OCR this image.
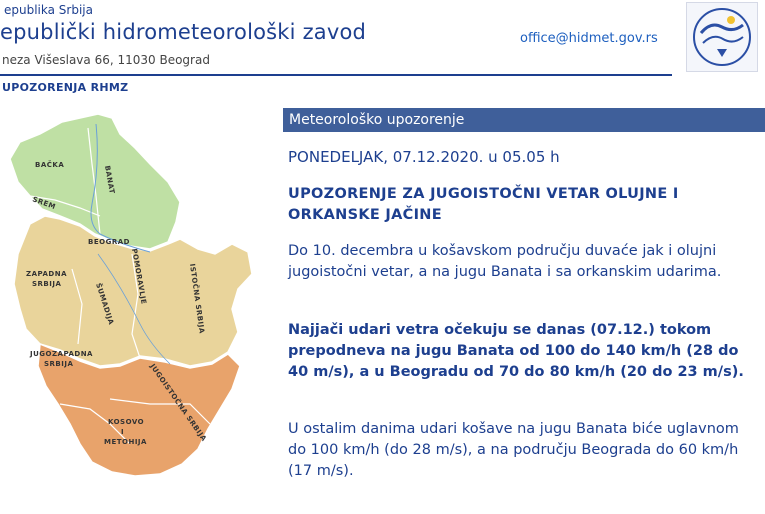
epublika Srbija
epublički hidrometeorološki zavod
neza Višeslava 66, 11030 Beograd
office@hidmet.gov.rs
UPOZORENJA RHMZ
BAČKA	BANAT
SREM
BEOGRAD
ZAPADNA
SRBIJA	ŠUMADIJA POMORAVLJE	ISTOČNA SRBIJA
JUGOZAPADNA
SRBIJA	JUGOISTOČNA SRBIJA
KOSOVO
I
METOHIJA
Meteorološko upozorenje
PONEDELJAK, 07.12.2020. u 05.05 h
UPOZORENJE ZA JUGOISTOČNI VETAR OLUJNE I ORKANSKE JAČINE
Do 10. decembra u košavskom području duvaće jak i olujni jugoistočni vetar, a na jugu Banata i sa orkanskim udarima.
Najjači udari vetra očekuju se danas (07.12.) tokom prepodneva na jugu Banata od 100 do 140 km/h (28 do 40 m/s), a u Beogradu od 70 do 80 km/h (20 do 23 m/s).
U ostalim danima udari košave na jugu Banata biće uglavnom do 100 km/h (do 28 m/s), a na području Beograda do 60 km/h (17 m/s).
